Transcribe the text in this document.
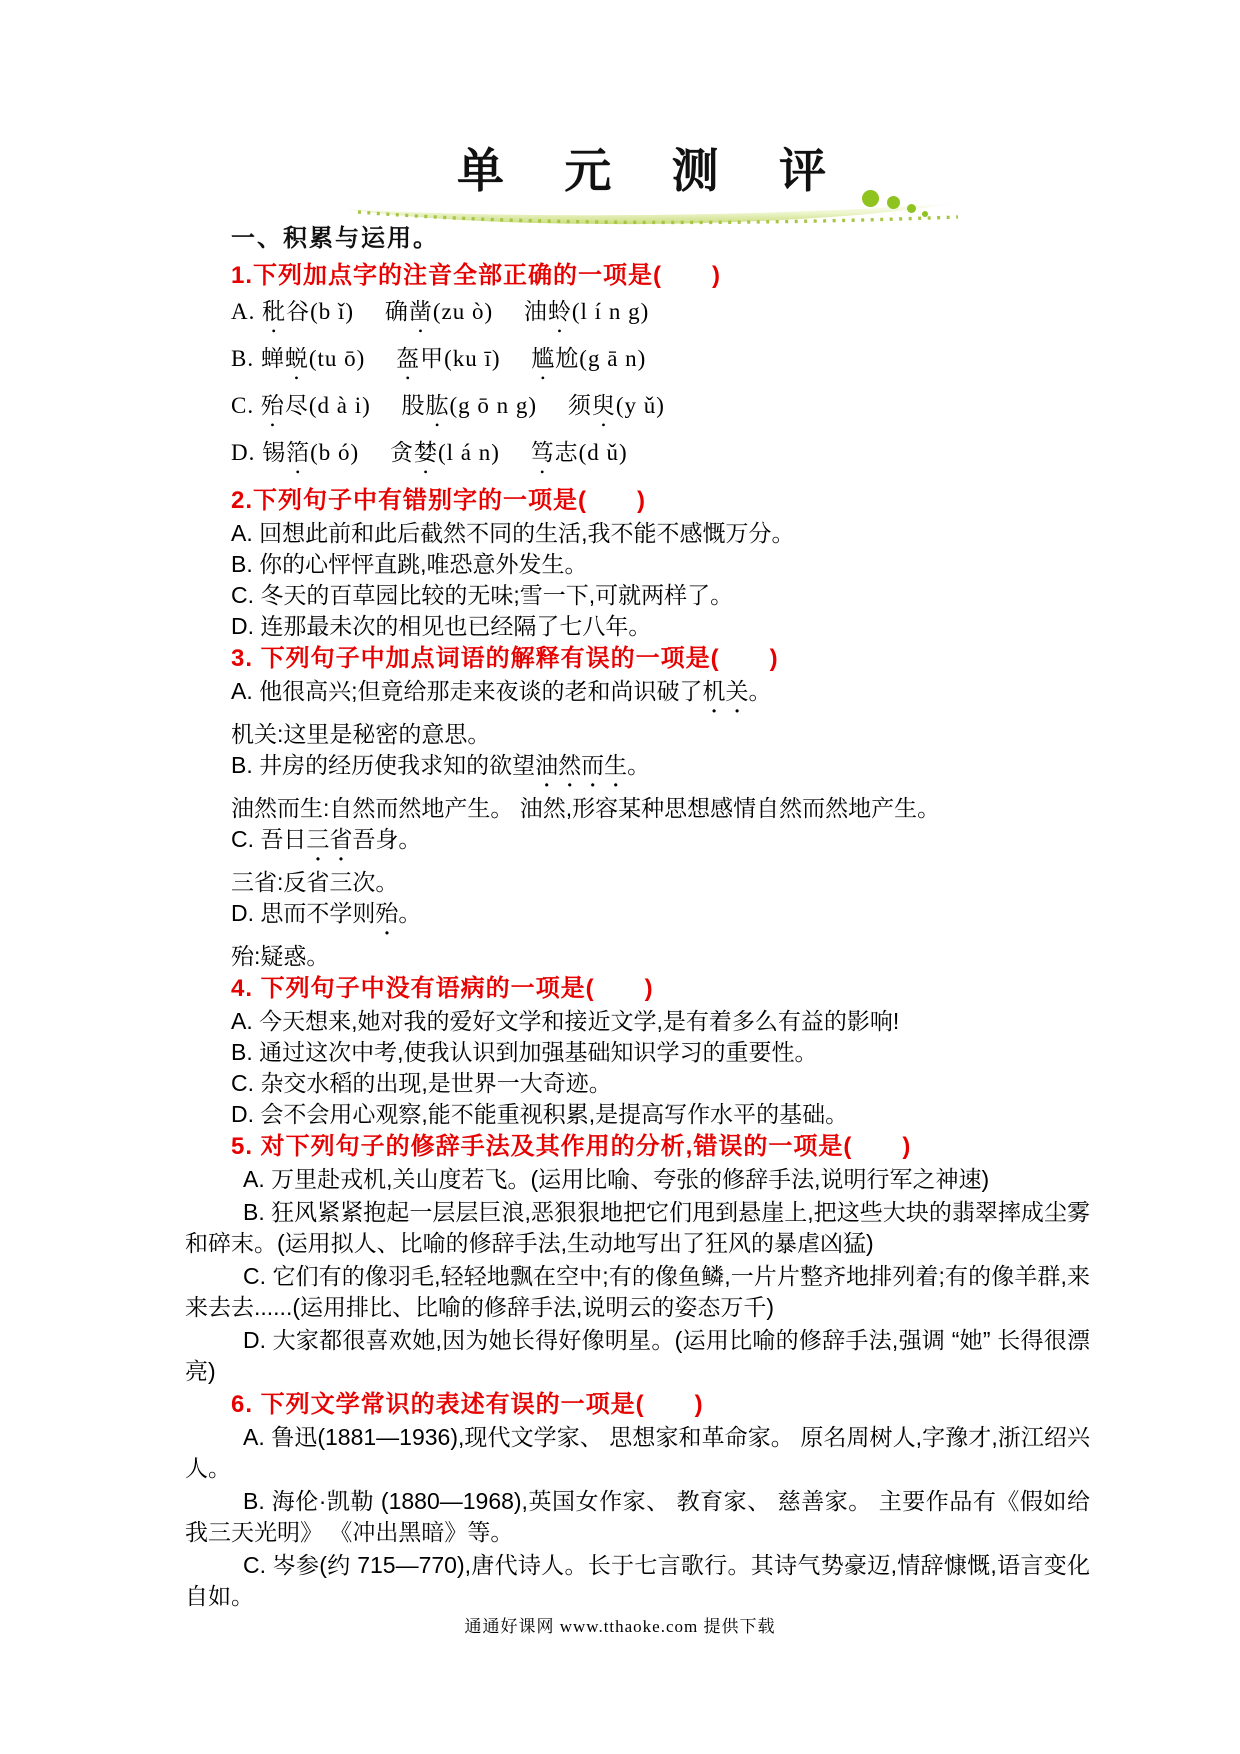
单 元 测 评
一、积累与运用。
1.下列加点字的注音全部正确的一项是(　　)

A. 秕谷(b ǐ)　 确凿(zu ò)　 油蛉(l í n g)

B. 蝉蜕(tu ō)　 盔甲(ku ī)　 尴尬(g ā n)

C. 殆尽(d à i)　 股肱(g ō n g)　 须臾(y ǔ)

D. 锡箔(b ó)　 贪婪(l á n)　 笃志(d ǔ)

2.下列句子中有错别字的一项是(　　)

A. 回想此前和此后截然不同的生活,我不能不感慨万分。

B. 你的心怦怦直跳,唯恐意外发生。

C. 冬天的百草园比较的无味;雪一下,可就两样了。

D. 连那最未次的相见也已经隔了七八年。

3. 下列句子中加点词语的解释有误的一项是(　　)

A. 他很高兴;但竟给那走来夜谈的老和尚识破了机关。

机关:这里是秘密的意思。

B. 井房的经历使我求知的欲望油然而生。

油然而生:自然而然地产生。 油然,形容某种思想感情自然而然地产生。

C. 吾日三省吾身。

三省:反省三次。

D. 思而不学则殆。

殆:疑惑。

4. 下列句子中没有语病的一项是(　　)

A. 今天想来,她对我的爱好文学和接近文学,是有着多么有益的影响!

B. 通过这次中考,使我认识到加强基础知识学习的重要性。

C. 杂交水稻的出现,是世界一大奇迹。

D. 会不会用心观察,能不能重视积累,是提高写作水平的基础。

5. 对下列句子的修辞手法及其作用的分析,错误的一项是(　　)

A. 万里赴戎机,关山度若飞。(运用比喻、夸张的修辞手法,说明行军之神速)

B. 狂风紧紧抱起一层层巨浪,恶狠狠地把它们甩到悬崖上,把这些大块的翡翠摔成尘雾和碎末。(运用拟人、比喻的修辞手法,生动地写出了狂风的暴虐凶猛)

C. 它们有的像羽毛,轻轻地飘在空中;有的像鱼鳞,一片片整齐地排列着;有的像羊群,来来去去......(运用排比、比喻的修辞手法,说明云的姿态万千)

D. 大家都很喜欢她,因为她长得好像明星。(运用比喻的修辞手法,强调 “她” 长得很漂亮)

6. 下列文学常识的表述有误的一项是(　　)

A. 鲁迅(1881—1936),现代文学家、 思想家和革命家。 原名周树人,字豫才,浙江绍兴人。

B. 海伦·凯勒 (1880—1968),英国女作家、 教育家、 慈善家。 主要作品有《假如给我三天光明》 《冲出黑暗》等。

C. 岑参(约 715—770),唐代诗人。长于七言歌行。其诗气势豪迈,情辞慷慨,语言变化自如。

通通好课网 www.tthaoke.com 提供下载
